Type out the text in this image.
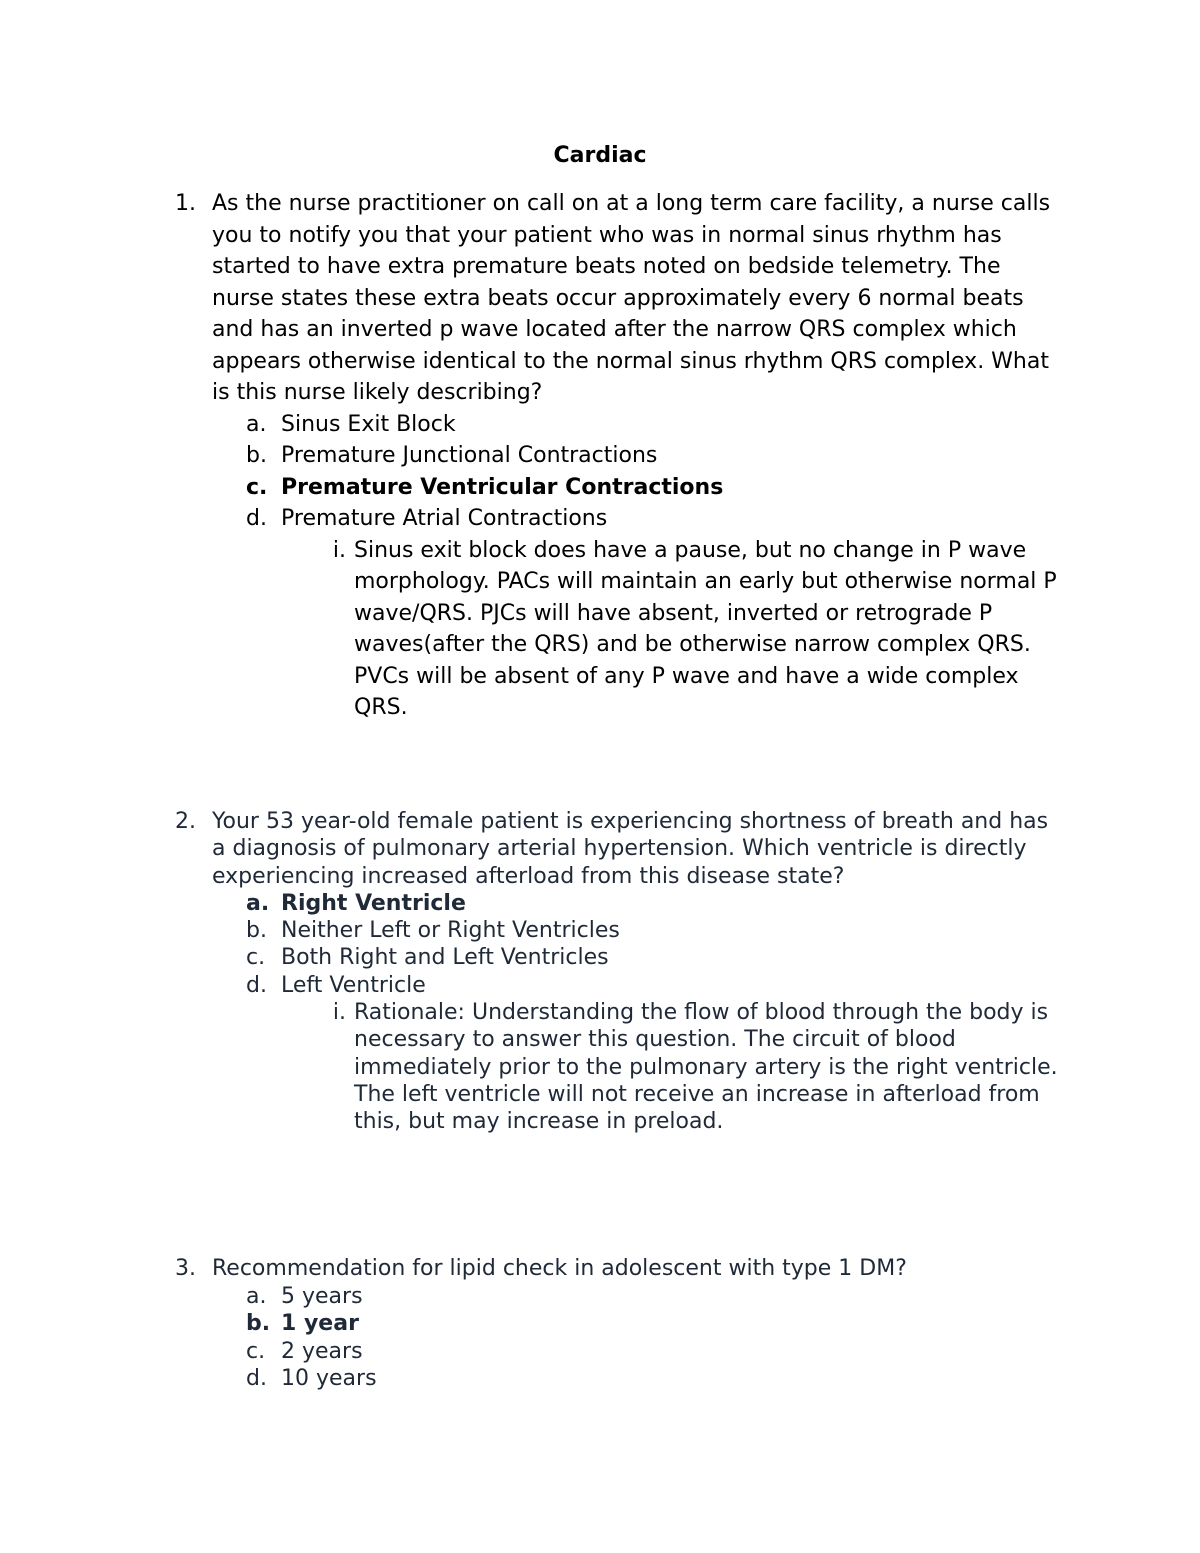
Cardiac
1. As the nurse practitioner on call on at a long term care facility, a nurse calls you to notify you that your patient who was in normal sinus rhythm has started to have extra premature beats noted on bedside telemetry. The nurse states these extra beats occur approximately every 6 normal beats and has an inverted p wave located after the narrow QRS complex which appears otherwise identical to the normal sinus rhythm QRS complex. What is this nurse likely describing?
a. Sinus Exit Block
b. Premature Junctional Contractions
c. Premature Ventricular Contractions
d. Premature Atrial Contractions
i. Sinus exit block does have a pause, but no change in P wave morphology. PACs will maintain an early but otherwise normal P wave/QRS. PJCs will have absent, inverted or retrograde P waves(after the QRS) and be otherwise narrow complex QRS. PVCs will be absent of any P wave and have a wide complex QRS.
2. Your 53 year-old female patient is experiencing shortness of breath and has a diagnosis of pulmonary arterial hypertension. Which ventricle is directly experiencing increased afterload from this disease state?
a. Right Ventricle
b. Neither Left or Right Ventricles
c. Both Right and Left Ventricles
d. Left Ventricle
i. Rationale: Understanding the flow of blood through the body is necessary to answer this question. The circuit of blood immediately prior to the pulmonary artery is the right ventricle. The left ventricle will not receive an increase in afterload from this, but may increase in preload.
3. Recommendation for lipid check in adolescent with type 1 DM?
a. 5 years
b. 1 year
c. 2 years
d. 10 years
